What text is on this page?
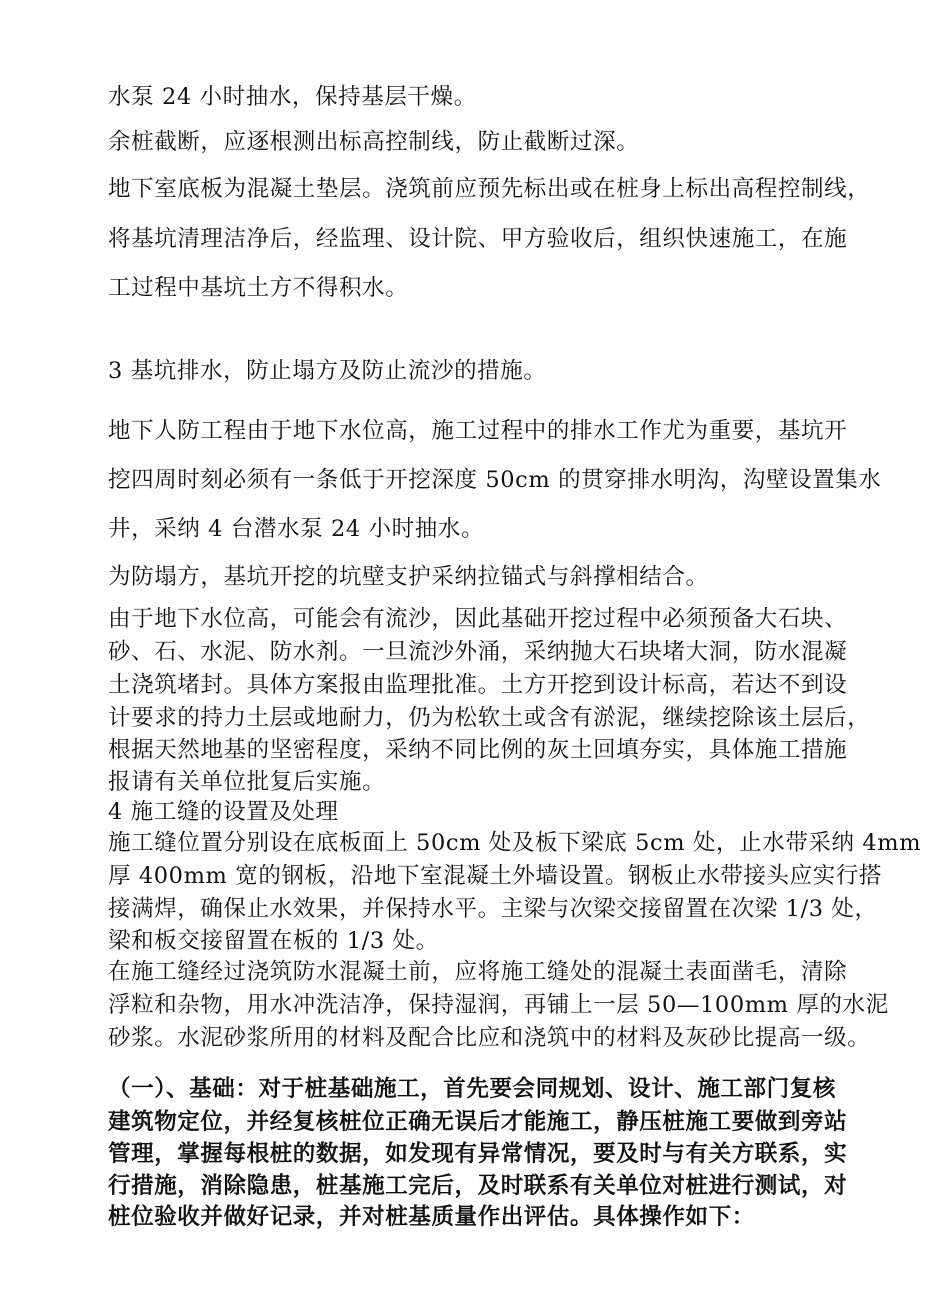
水泵 24 小时抽水，保持基层干燥。
余桩截断，应逐根测出标高控制线，防止截断过深。
地下室底板为混凝土垫层。浇筑前应预先标出或在桩身上标出高程控制线，
将基坑清理洁净后，经监理、设计院、甲方验收后，组织快速施工，在施
工过程中基坑土方不得积水。
3 基坑排水，防止塌方及防止流沙的措施。
地下人防工程由于地下水位高，施工过程中的排水工作尤为重要，基坑开
挖四周时刻必须有一条低于开挖深度 50cm 的贯穿排水明沟，沟壁设置集水
井，采纳 4 台潜水泵 24 小时抽水。
为防塌方，基坑开挖的坑壁支护采纳拉锚式与斜撑相结合。
由于地下水位高，可能会有流沙，因此基础开挖过程中必须预备大石块、
砂、石、水泥、防水剂。一旦流沙外涌，采纳抛大石块堵大洞，防水混凝
土浇筑堵封。具体方案报由监理批准。土方开挖到设计标高，若达不到设
计要求的持力土层或地耐力，仍为松软土或含有淤泥，继续挖除该土层后，
根据天然地基的坚密程度，采纳不同比例的灰土回填夯实，具体施工措施
报请有关单位批复后实施。
4 施工缝的设置及处理
施工缝位置分别设在底板面上 50cm 处及板下梁底 5cm 处，止水带采纳 4mm
厚 400mm 宽的钢板，沿地下室混凝土外墙设置。钢板止水带接头应实行搭
接满焊，确保止水效果，并保持水平。主梁与次梁交接留置在次梁 1/3 处，
梁和板交接留置在板的 1/3 处。
在施工缝经过浇筑防水混凝土前，应将施工缝处的混凝土表面凿毛，清除
浮粒和杂物，用水冲洗洁净，保持湿润，再铺上一层 50—100mm 厚的水泥
砂浆。水泥砂浆所用的材料及配合比应和浇筑中的材料及灰砂比提高一级。
（一）、基础：对于桩基础施工，首先要会同规划、设计、施工部门复核
建筑物定位，并经复核桩位正确无误后才能施工，静压桩施工要做到旁站
管理，掌握每根桩的数据，如发现有异常情况，要及时与有关方联系，实
行措施，消除隐患，桩基施工完后，及时联系有关单位对桩进行测试，对
桩位验收并做好记录，并对桩基质量作出评估。具体操作如下：
